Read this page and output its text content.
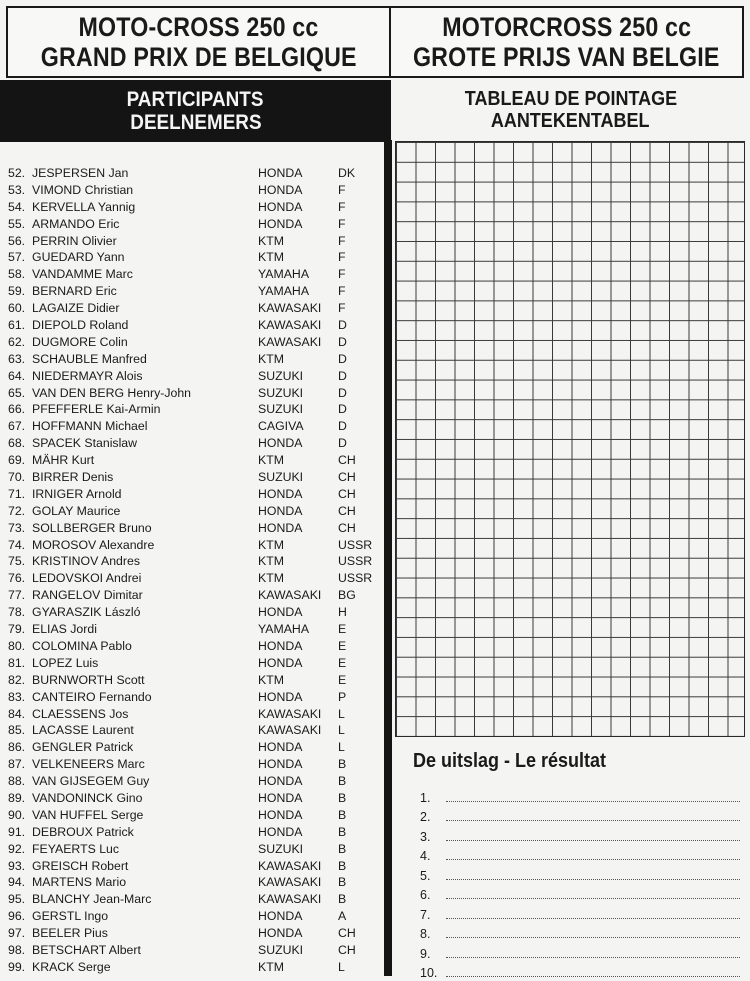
MOTO-CROSS 250 cc
GRAND PRIX DE BELGIQUE
MOTORCROSS 250 cc
GROTE PRIJS VAN BELGIE
PARTICIPANTS
DEELNEMERS
TABLEAU DE POINTAGE
AANTEKENTABEL
52. JESPERSEN Jan	HONDA	DK
53. VIMOND Christian	HONDA	F
54. KERVELLA Yannig	HONDA	F
55. ARMANDO Eric	HONDA	F
56. PERRIN Olivier	KTM	F
57. GUEDARD Yann	KTM	F
58. VANDAMME Marc	YAMAHA	F
59. BERNARD Eric	YAMAHA	F
60. LAGAIZE Didier	KAWASAKI	F
61. DIEPOLD Roland	KAWASAKI	D
62. DUGMORE Colin	KAWASAKI	D
63. SCHAUBLE Manfred	KTM	D
64. NIEDERMAYR Alois	SUZUKI	D
65. VAN DEN BERG Henry-John	SUZUKI	D
66. PFEFFERLE Kai-Armin	SUZUKI	D
67. HOFFMANN Michael	CAGIVA	D
68. SPACEK Stanislaw	HONDA	D
69. MÄHR Kurt	KTM	CH
70. BIRRER Denis	SUZUKI	CH
71. IRNIGER Arnold	HONDA	CH
72. GOLAY Maurice	HONDA	CH
73. SOLLBERGER Bruno	HONDA	CH
74. MOROSOV Alexandre	KTM	USSR
75. KRISTINOV Andres	KTM	USSR
76. LEDOVSKOI Andrei	KTM	USSR
77. RANGELOV Dimitar	KAWASAKI	BG
78. GYARASZIK László	HONDA	H
79. ELIAS Jordi	YAMAHA	E
80. COLOMINA Pablo	HONDA	E
81. LOPEZ Luis	HONDA	E
82. BURNWORTH Scott	KTM	E
83. CANTEIRO Fernando	HONDA	P
84. CLAESSENS Jos	KAWASAKI	L
85. LACASSE Laurent	KAWASAKI	L
86. GENGLER Patrick	HONDA	L
87. VELKENEERS Marc	HONDA	B
88. VAN GIJSEGEM Guy	HONDA	B
89. VANDONINCK Gino	HONDA	B
90. VAN HUFFEL Serge	HONDA	B
91. DEBROUX Patrick	HONDA	B
92. FEYAERTS Luc	SUZUKI	B
93. GREISCH Robert	KAWASAKI	B
94. MARTENS Mario	KAWASAKI	B
95. BLANCHY Jean-Marc	KAWASAKI	B
96. GERSTL Ingo	HONDA	A
97. BEELER Pius	HONDA	CH
98. BETSCHART Albert	SUZUKI	CH
99. KRACK Serge	KTM	L
De uitslag - Le résultat
1.
2.
3.
4.
5.
6.
7.
8.
9.
10.
